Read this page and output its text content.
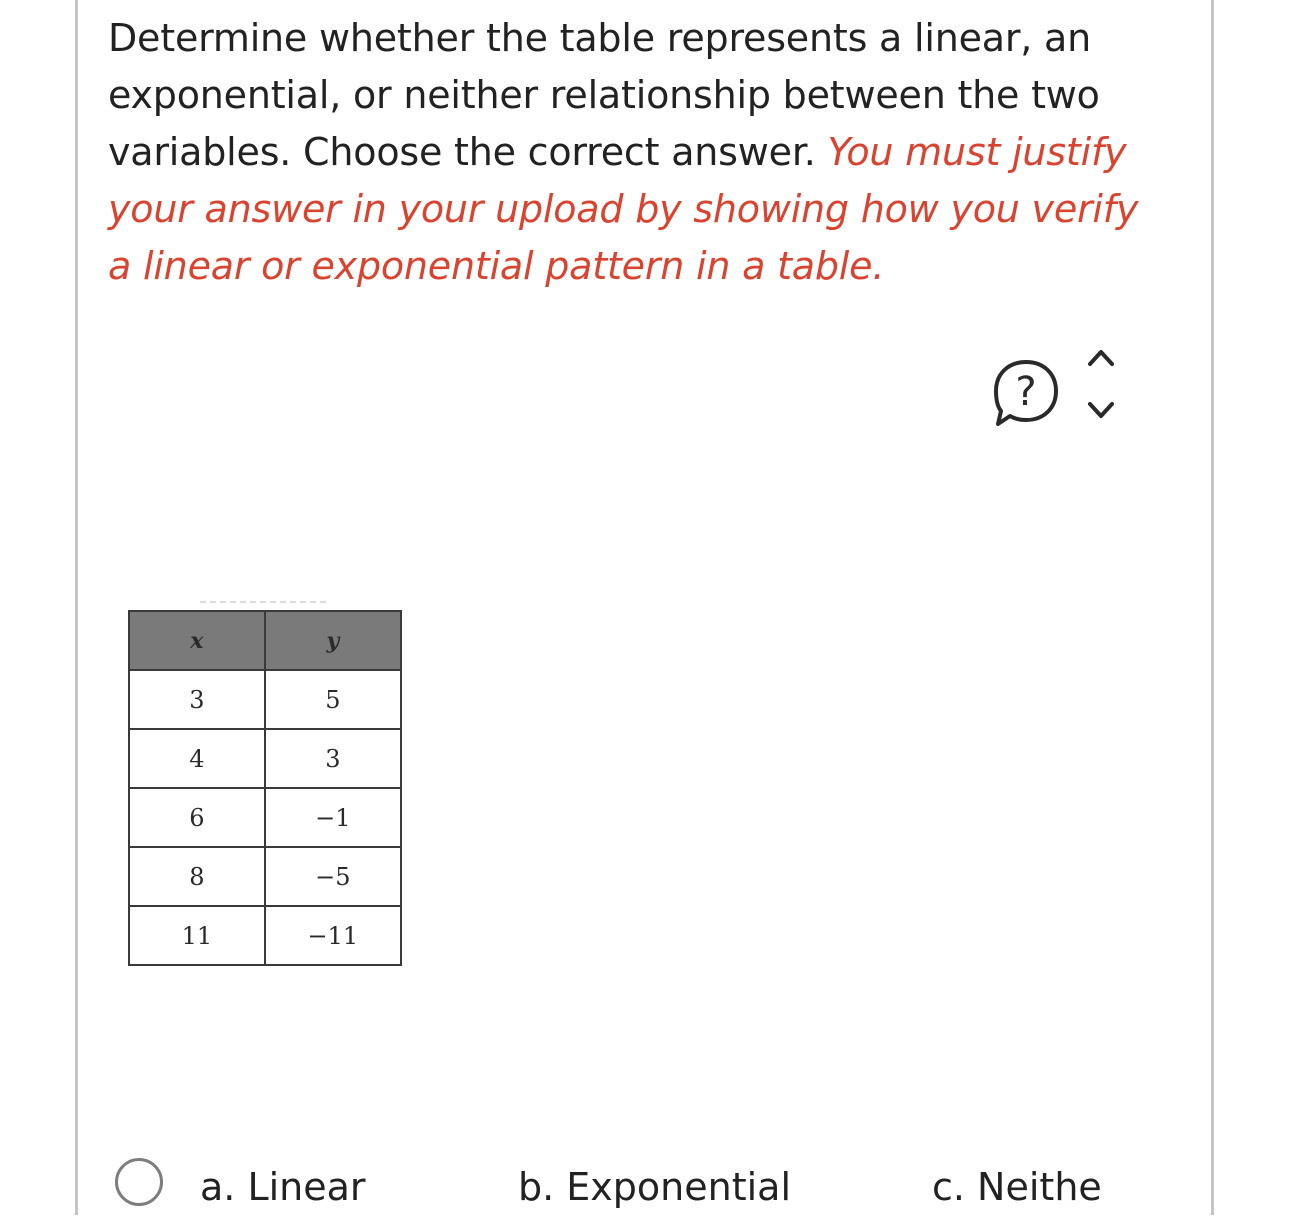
Determine whether the table represents a linear, an exponential, or neither relationship between the two variables. Choose the correct answer. You must justify your answer in your upload by showing how you verify a linear or exponential pattern in a table.
?
x	y
3	5
4	3
6	−1
8	−5
11	−11
a. Linear	b. Exponential	c. Neithe
